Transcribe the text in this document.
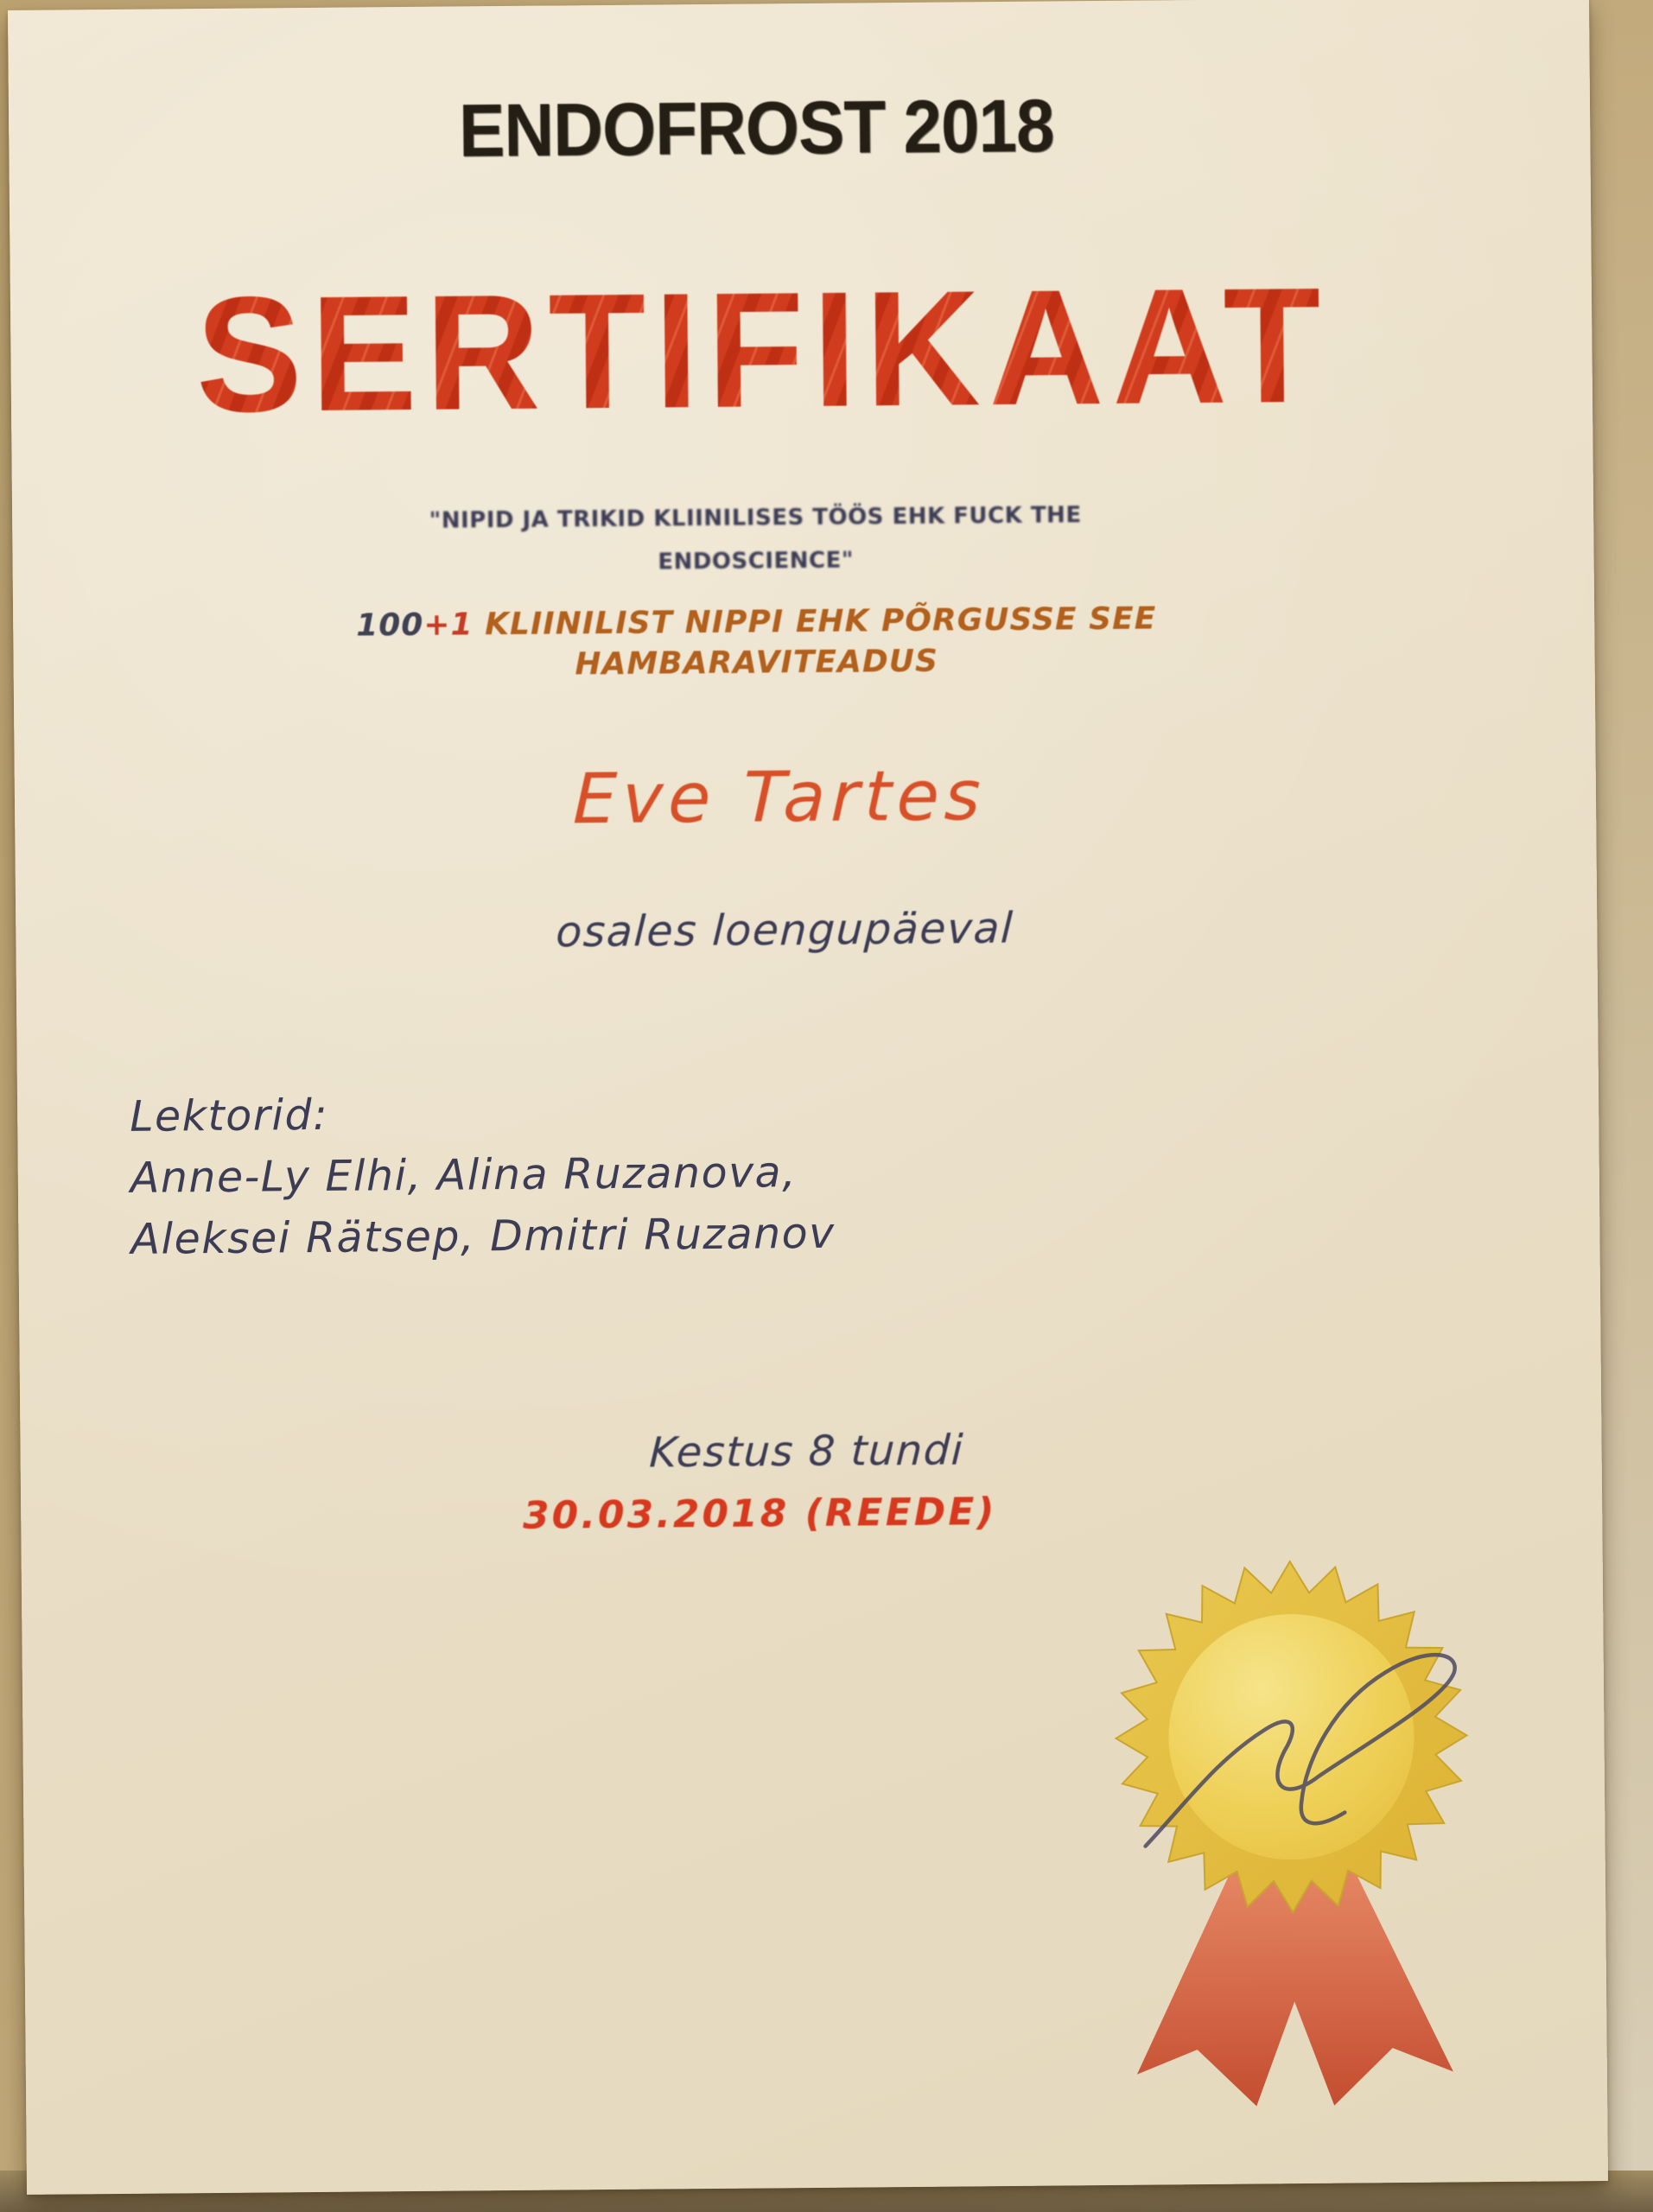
ENDOFROST 2018
SERTIFIKAAT
"NIPID JA TRIKID KLIINILISES TÖÖS EHK FUCK THE
ENDOSCIENCE"
100+1 KLIINILIST NIPPI EHK PÕRGUSSE SEE
HAMBARAVITEADUS
Eve Tartes
osales loengupäeval
Lektorid:
Anne-Ly Elhi, Alina Ruzanova,
Aleksei Rätsep, Dmitri Ruzanov
Kestus 8 tundi
30.03.2018 (REEDE)
